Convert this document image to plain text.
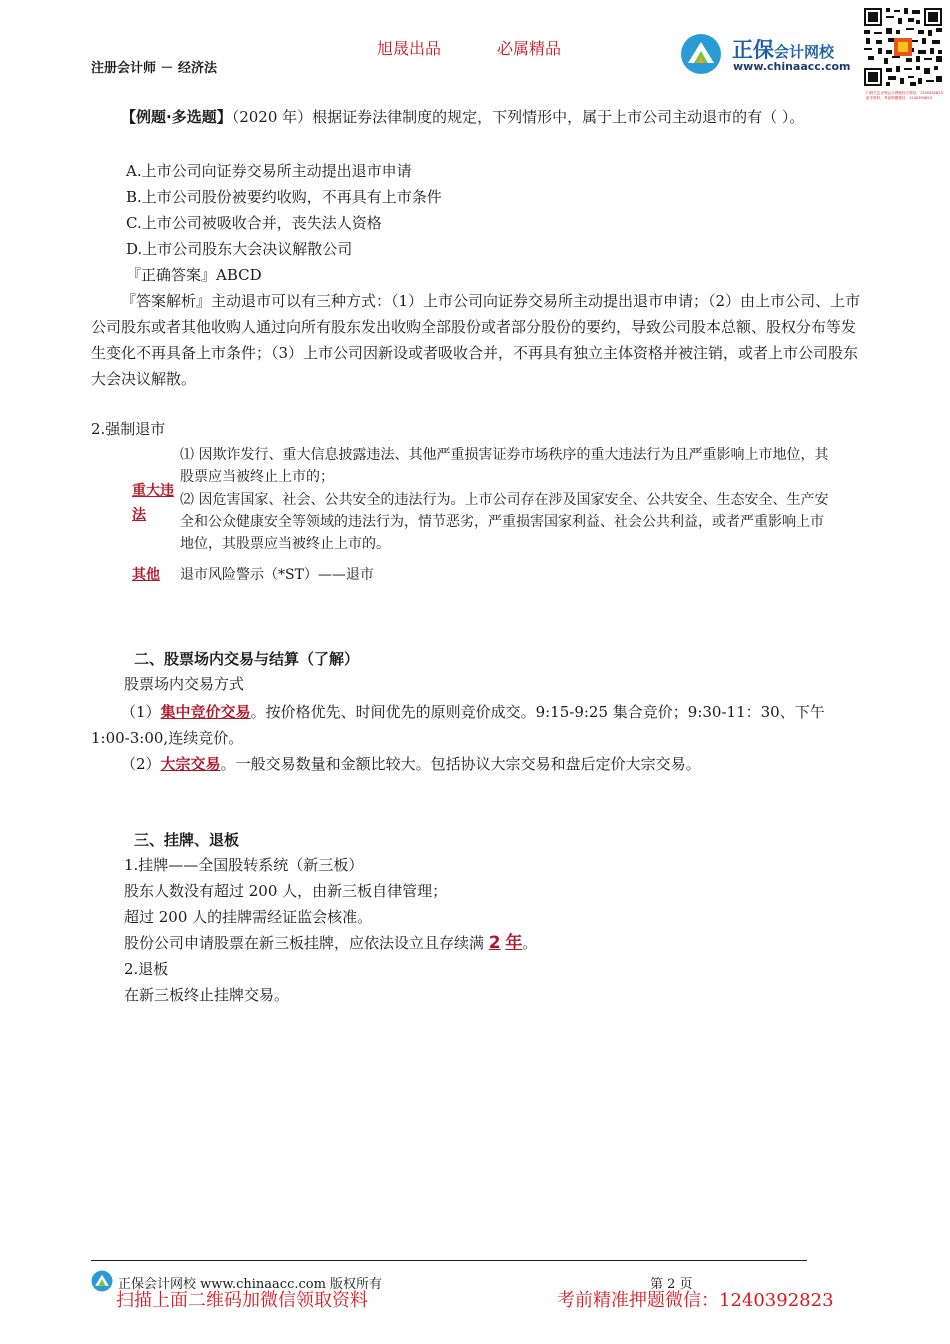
注册会计师 － 经济法
旭晟出品	必属精品	正保会计网校
www.chinaacc.com
扫码关注正保会计网校官方微信，1240392823 更多资料，考前押题微信：1240392823
【例题·多选题】（2020 年）根据证券法律制度的规定，下列情形中，属于上市公司主动退市的有（ ）。
A.上市公司向证券交易所主动提出退市申请
B.上市公司股份被要约收购，不再具有上市条件
C.上市公司被吸收合并，丧失法人资格
D.上市公司股东大会决议解散公司
『正确答案』ABCD
『答案解析』主动退市可以有三种方式：（1）上市公司向证券交易所主动提出退市申请；（2）由上市公司、上市公司股东或者其他收购人通过向所有股东发出收购全部股份或者部分股份的要约，导致公司股本总额、股权分布等发生变化不再具备上市条件；（3）上市公司因新设或者吸收合并，不再具有独立主体资格并被注销，或者上市公司股东大会决议解散。
2.强制退市
重大违法
⑴ 因欺诈发行、重大信息披露违法、其他严重损害证券市场秩序的重大违法行为且严重影响上市地位，其股票应当被终止上市的；
⑵ 因危害国家、社会、公共安全的违法行为。上市公司存在涉及国家安全、公共安全、生态安全、生产安全和公众健康安全等领域的违法行为，情节恶劣，严重损害国家利益、社会公共利益，或者严重影响上市地位，其股票应当被终止上市的。
其他 退市风险警示（*ST）——退市
二、股票场内交易与结算（了解）
股票场内交易方式
（1）集中竞价交易。按价格优先、时间优先的原则竞价成交。9:15-9:25 集合竞价；9:30-11：30、下午 1:00-3:00,连续竞价。
（2）大宗交易。一般交易数量和金额比较大。包括协议大宗交易和盘后定价大宗交易。
三、挂牌、退板
1.挂牌——全国股转系统（新三板）
股东人数没有超过 200 人，由新三板自律管理；
超过 200 人的挂牌需经证监会核准。
股份公司申请股票在新三板挂牌，应依法设立且存续满 2 年。
2.退板
在新三板终止挂牌交易。
正保会计网校 www.chinaacc.com 版权所有	第 2 页
扫描上面二维码加微信领取资料	考前精准押题微信：1240392823
